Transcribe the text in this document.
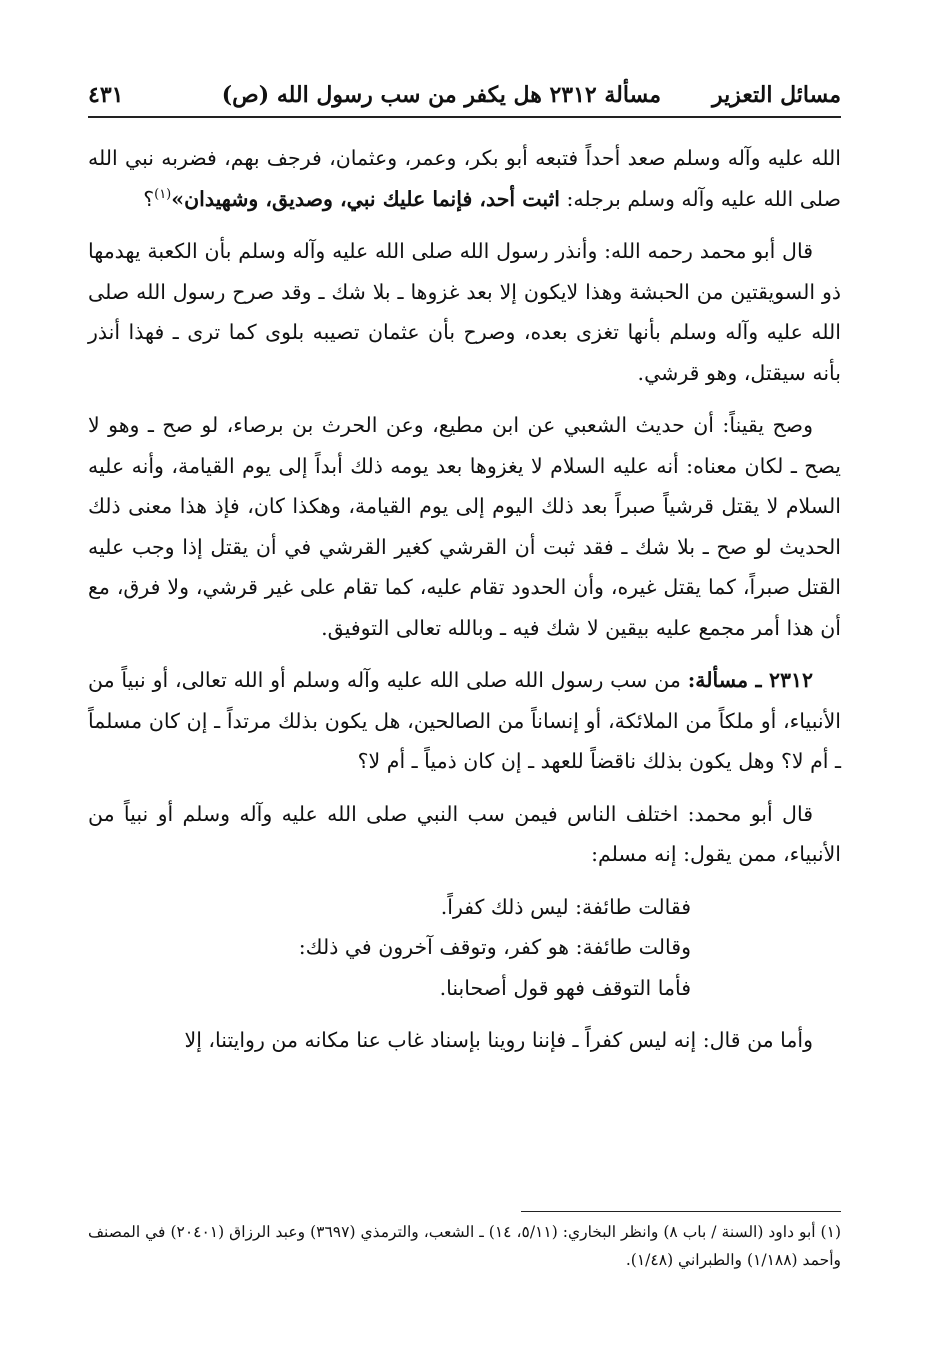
مسائل التعزير
مسألة ٢٣١٢ هل يكفر من سب رسول الله (ص)
٤٣١

الله عليه وآله وسلم صعد أحداً فتبعه أبو بكر، وعمر، وعثمان، فرجف بهم، فضربه نبي الله صلى الله عليه وآله وسلم برجله: اثبت أحد، فإنما عليك نبي، وصديق، وشهيدان»$^{(١)}$؟

قال أبو محمد رحمه الله: وأنذر رسول الله صلى الله عليه وآله وسلم بأن الكعبة يهدمها ذو السويقتين من الحبشة وهذا لايكون إلا بعد غزوها ـ بلا شك ـ وقد صرح رسول الله صلى الله عليه وآله وسلم بأنها تغزى بعده، وصرح بأن عثمان تصيبه بلوى كما ترى ـ فهذا أنذر بأنه سيقتل، وهو قرشي.

وصح يقيناً: أن حديث الشعبي عن ابن مطيع، وعن الحرث بن برصاء، لو صح ـ وهو لا يصح ـ لكان معناه: أنه عليه السلام لا يغزوها بعد يومه ذلك أبداً إلى يوم القيامة، وأنه عليه السلام لا يقتل قرشياً صبراً بعد ذلك اليوم إلى يوم القيامة، وهكذا كان، فإذ هذا معنى ذلك الحديث لو صح ـ بلا شك ـ فقد ثبت أن القرشي كغير القرشي في أن يقتل إذا وجب عليه القتل صبراً، كما يقتل غيره، وأن الحدود تقام عليه، كما تقام على غير قرشي، ولا فرق، مع أن هذا أمر مجمع عليه بيقين لا شك فيه ـ وبالله تعالى التوفيق.

٢٣١٢ ـ مسألة: من سب رسول الله صلى الله عليه وآله وسلم أو الله تعالى، أو نبياً من الأنبياء، أو ملكاً من الملائكة، أو إنساناً من الصالحين، هل يكون بذلك مرتداً ـ إن كان مسلماً ـ أم لا؟ وهل يكون بذلك ناقضاً للعهد ـ إن كان ذمياً ـ أم لا؟

قال أبو محمد: اختلف الناس فيمن سب النبي صلى الله عليه وآله وسلم أو نبياً من الأنبياء، ممن يقول: إنه مسلم:

فقالت طائفة: ليس ذلك كفراً.
وقالت طائفة: هو كفر، وتوقف آخرون في ذلك:
فأما التوقف فهو قول أصحابنا.

وأما من قال: إنه ليس كفراً ـ فإننا روينا بإسناد غاب عنا مكانه من روايتنا، إلا

(١) أبو داود (السنة / باب ٨) وانظر البخاري: (٥/١١، ١٤) ـ الشعب، والترمذي (٣٦٩٧) وعبد الرزاق (٢٠٤٠١) في المصنف وأحمد (١/١٨٨) والطبراني (١/٤٨).
